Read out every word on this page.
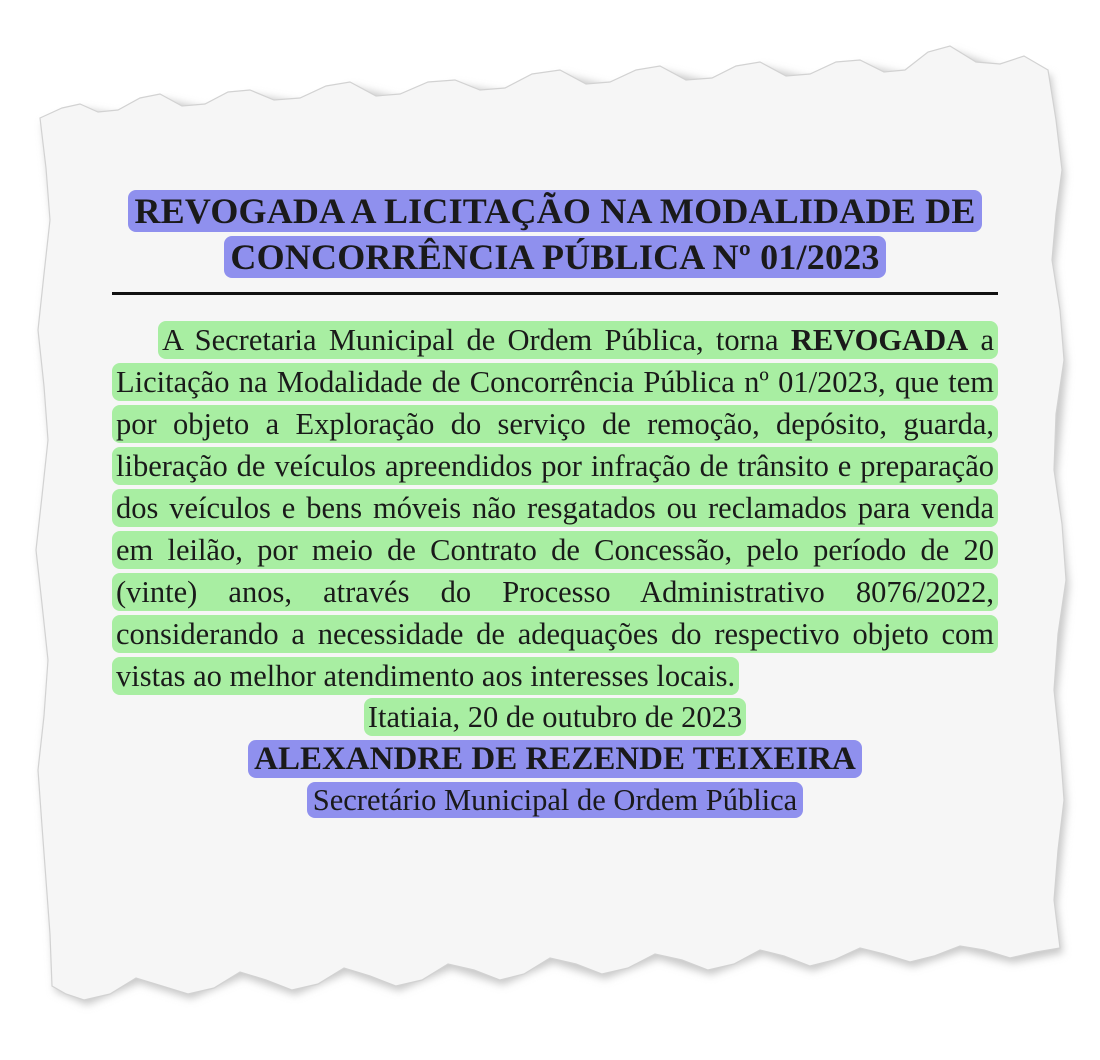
REVOGADA A LICITAÇÃO NA MODALIDADE DE
CONCORRÊNCIA PÚBLICA Nº 01/2023

A Secretaria Municipal de Ordem Pública, torna REVOGADA a Licitação na Modalidade de Concorrência Pública nº 01/2023, que tem por objeto a Exploração do serviço de remoção, depósito, guarda, liberação de veículos apreendidos por infração de trânsito e preparação dos veículos e bens móveis não resgatados ou reclamados para venda em leilão, por meio de Contrato de Concessão, pelo período de 20 (vinte) anos, através do Processo Administrativo 8076/2022, considerando a necessidade de adequações do respectivo objeto com vistas ao melhor atendimento aos interesses locais.

Itatiaia, 20 de outubro de 2023
ALEXANDRE DE REZENDE TEIXEIRA
Secretário Municipal de Ordem Pública
